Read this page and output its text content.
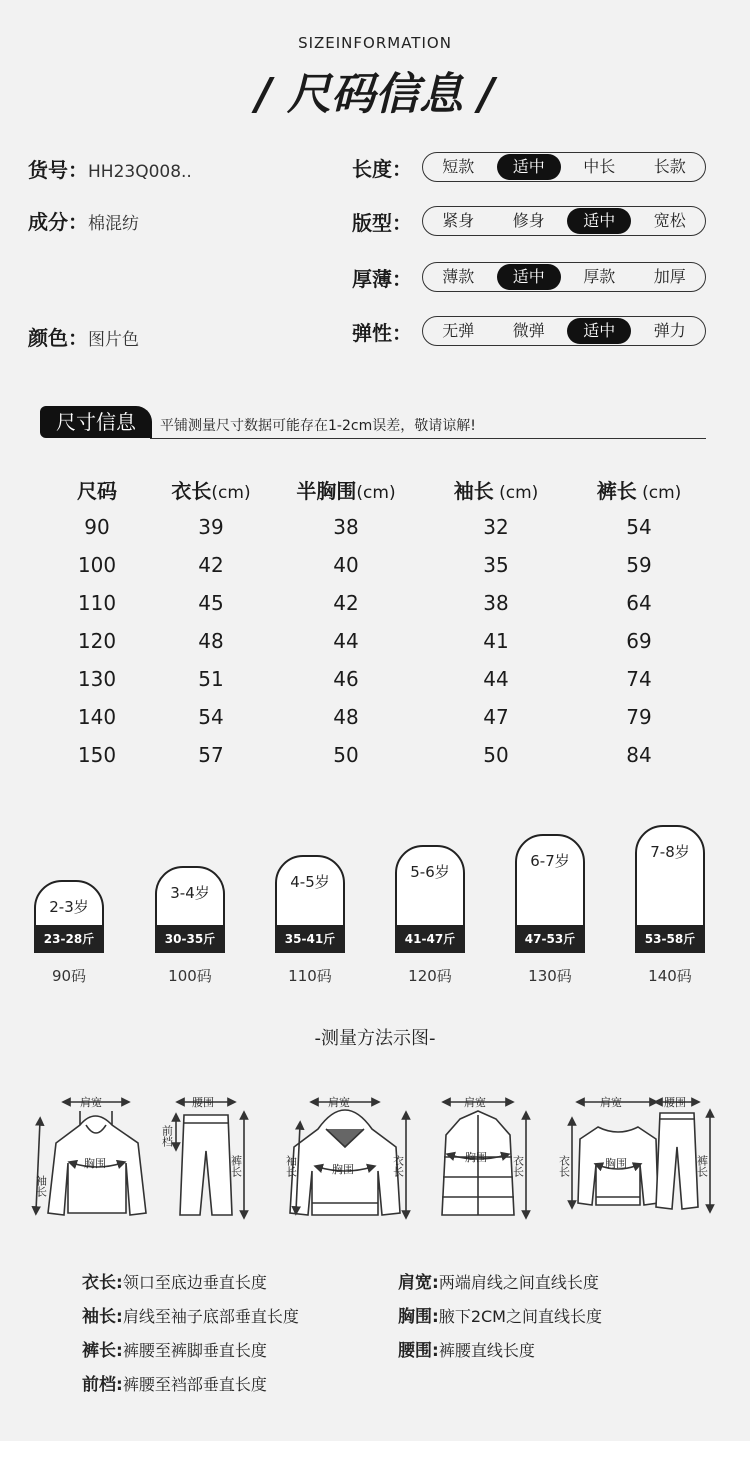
SIZEINFORMATION
/ 尺码信息 /
货号：HH23Q008..
成分：棉混纺
颜色：图片色
长度：	短款	适中	中长	长款
版型：	紧身	修身	适中	宽松
厚薄：	薄款	适中	厚款	加厚
弹性：	无弹	微弹	适中	弹力
尺寸信息	平铺测量尺寸数据可能存在1-2cm误差，敬请谅解!
尺码	衣长(cm)	半胸围(cm)	袖长 (cm)	裤长 (cm)
90	39	38	32	54
100	42	40	35	59
110	45	42	38	64
120	48	44	41	69
130	51	46	44	74
140	54	48	47	79
150	57	50	50	84
2-3岁
23-28斤
90码
3-4岁
30-35斤
100码
4-5岁
35-41斤
110码
5-6岁
41-47斤
120码
6-7岁
47-53斤
130码
7-8岁
53-58斤
140码
-测量方法示图-
肩宽	腰围	肩宽	肩宽	肩宽	腰围
胸围	胸围
胸围	胸围
袖长
前档
裤长	袖长	衣长	衣长	衣长	裤长
衣长:领口至底边垂直长度
袖长:肩线至袖子底部垂直长度
裤长:裤腰至裤脚垂直长度
前档:裤腰至裆部垂直长度
肩宽:两端肩线之间直线长度
胸围:腋下2CM之间直线长度
腰围:裤腰直线长度
